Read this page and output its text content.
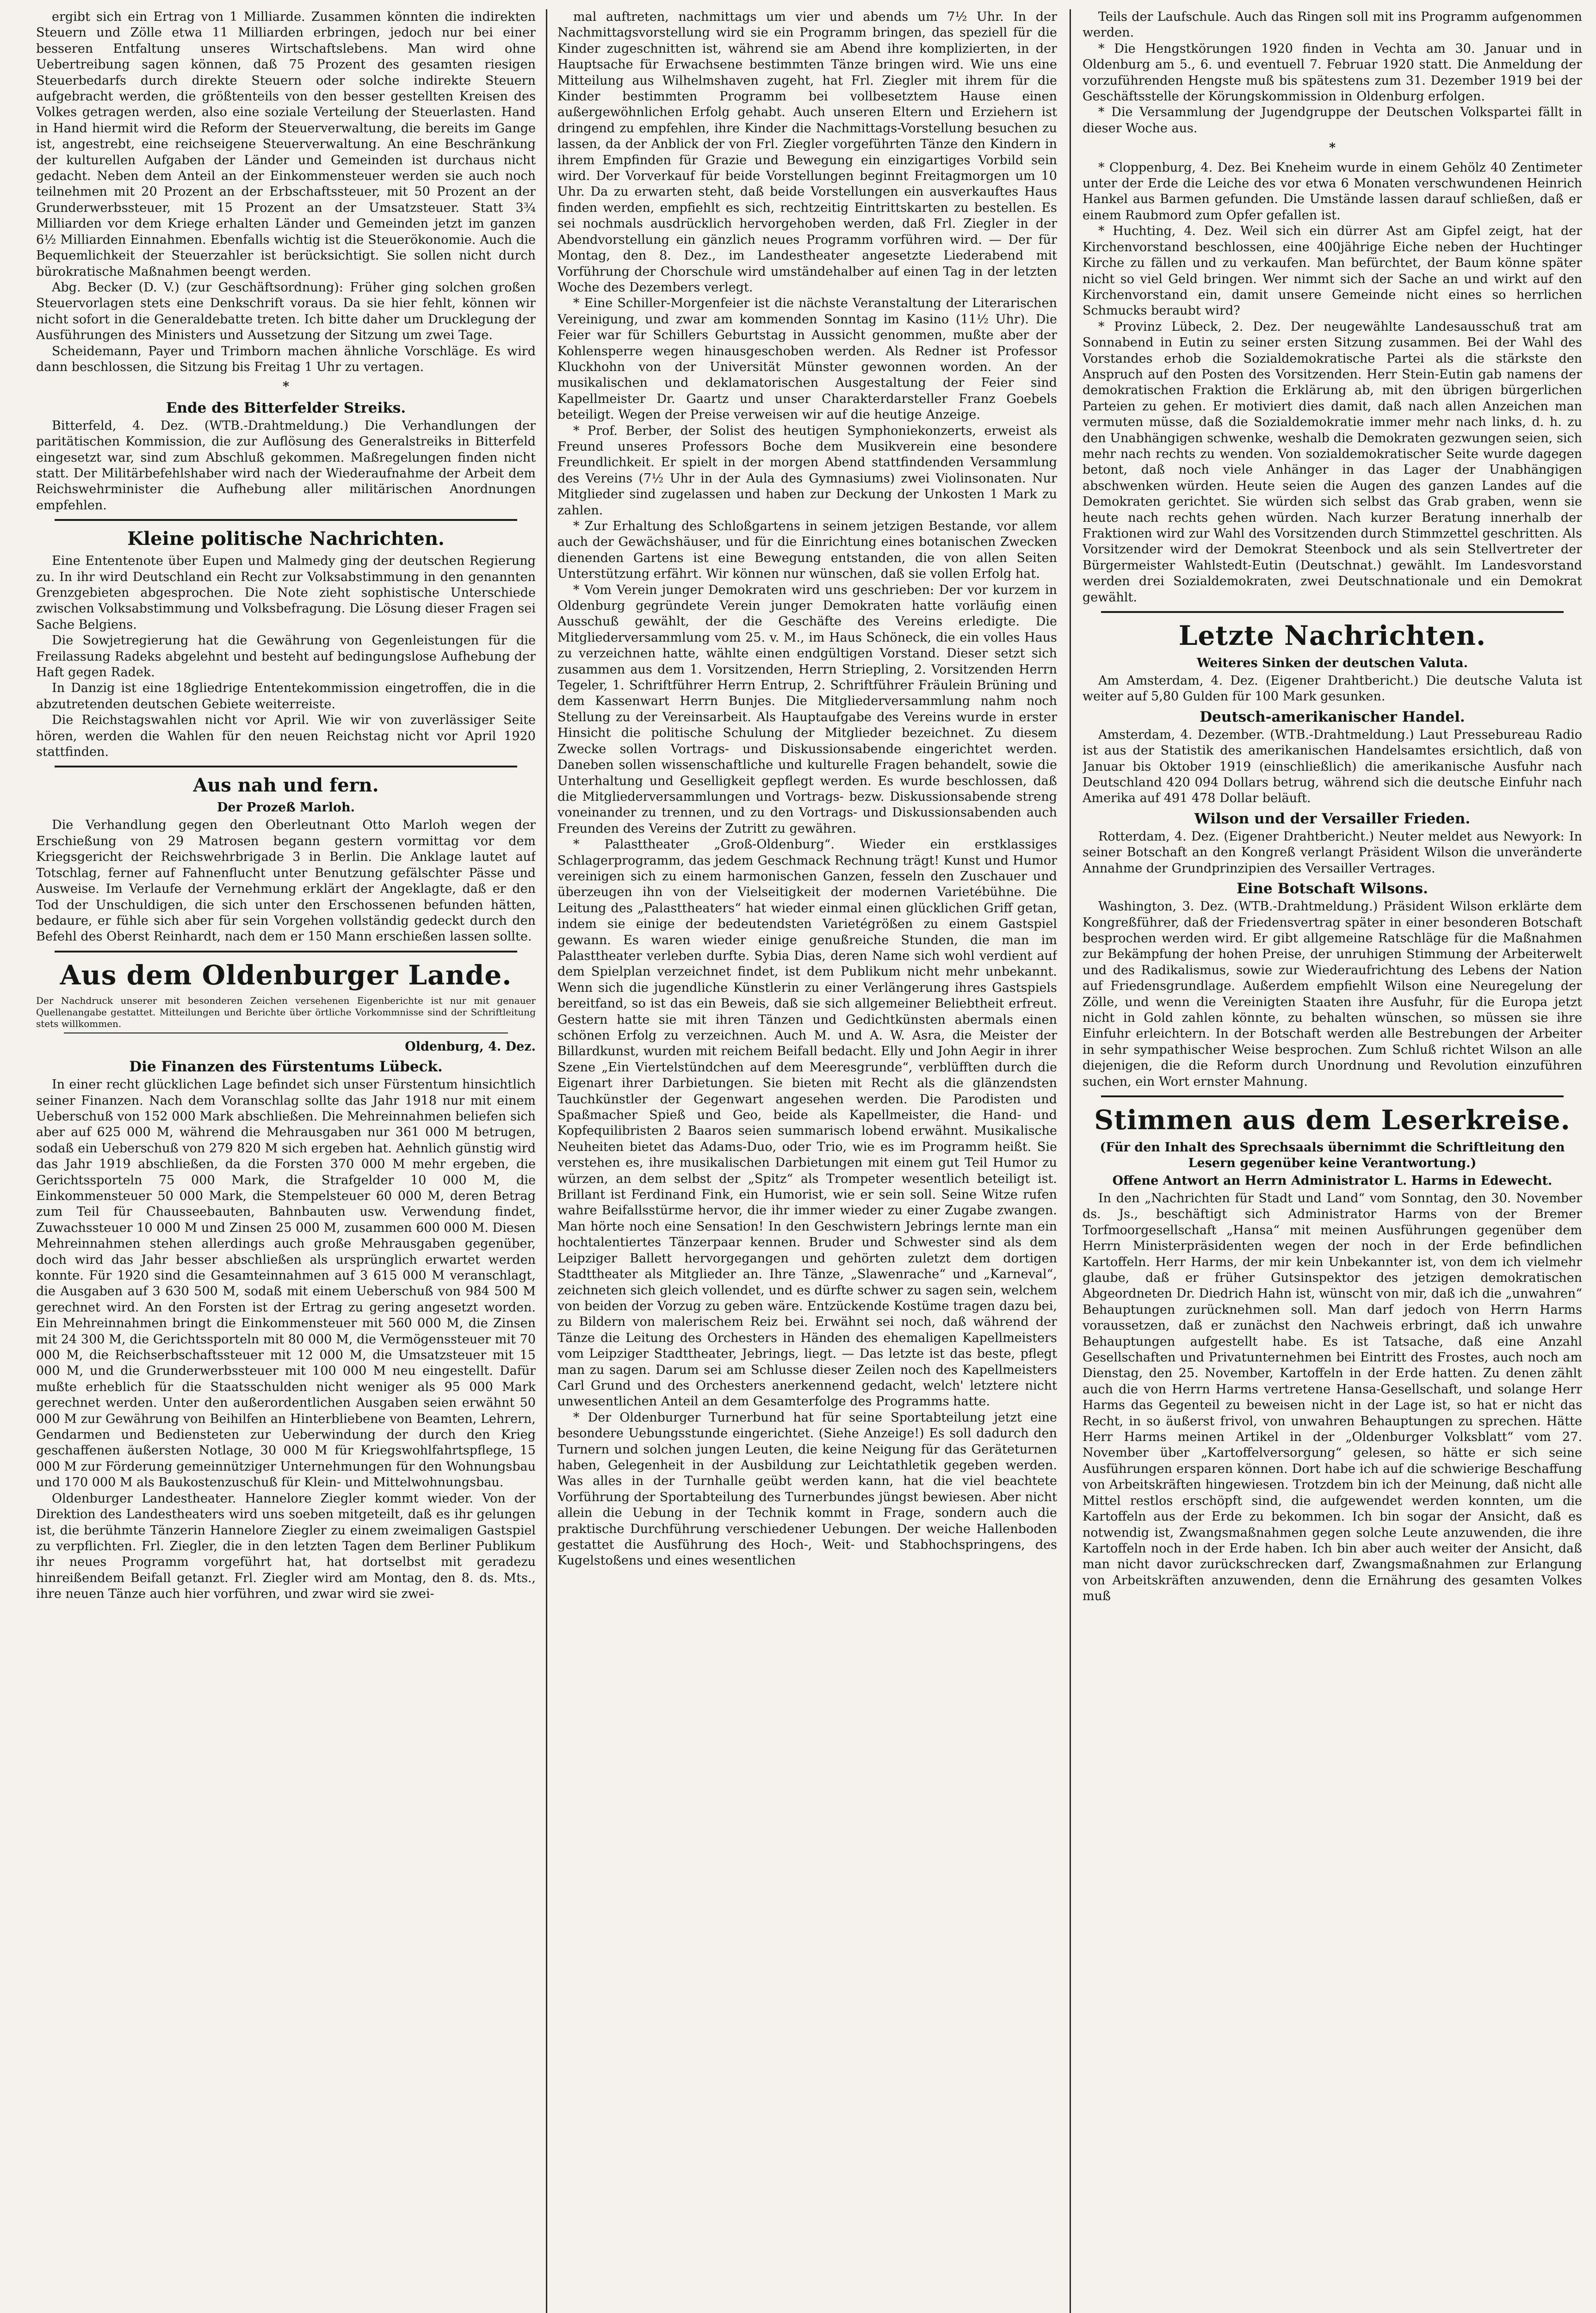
ergibt sich ein Ertrag von 1 Milliarde. Zusammen könnten die indirekten Steuern und Zölle etwa 11 Milliarden erbringen, jedoch nur bei einer besseren Entfaltung unseres Wirtschaftslebens. Man wird ohne Uebertreibung sagen können, daß 75 Prozent des gesamten riesigen Steuerbedarfs durch direkte Steuern oder solche indirekte Steuern aufgebracht werden, die größtenteils von den besser gestellten Kreisen des Volkes getragen werden, also eine soziale Verteilung der Steuerlasten. Hand in Hand hiermit wird die Reform der Steuerverwaltung, die bereits im Gange ist, angestrebt, eine reichseigene Steuerverwaltung. An eine Beschränkung der kulturellen Aufgaben der Länder und Gemeinden ist durchaus nicht gedacht. Neben dem Anteil an der Einkommensteuer werden sie auch noch teilnehmen mit 20 Prozent an der Erbschaftssteuer, mit 50 Prozent an der Grunderwerbssteuer, mit 15 Prozent an der Umsatzsteuer. Statt 3¾ Milliarden vor dem Kriege erhalten Länder und Gemeinden jetzt im ganzen 6½ Milliarden Einnahmen. Ebenfalls wichtig ist die Steuerökonomie. Auch die Bequemlichkeit der Steuerzahler ist berücksichtigt. Sie sollen nicht durch bürokratische Maßnahmen beengt werden.

Abg. Becker (D. V.) (zur Geschäftsordnung): Früher ging solchen großen Steuervorlagen stets eine Denkschrift voraus. Da sie hier fehlt, können wir nicht sofort in die Generaldebatte treten. Ich bitte daher um Drucklegung der Ausführungen des Ministers und Aussetzung der Sitzung um zwei Tage.

Scheidemann, Payer und Trimborn machen ähnliche Vorschläge. Es wird dann beschlossen, die Sitzung bis Freitag 1 Uhr zu vertagen.

*

Ende des Bitterfelder Streiks.

Bitterfeld, 4. Dez. (WTB.-Drahtmeldung.) Die Verhandlungen der paritätischen Kommission, die zur Auflösung des Generalstreiks in Bitterfeld eingesetzt war, sind zum Abschluß gekommen. Maßregelungen finden nicht statt. Der Militärbefehlshaber wird nach der Wiederaufnahme der Arbeit dem Reichswehrminister die Aufhebung aller militärischen Anordnungen empfehlen.

Kleine politische Nachrichten.

Eine Ententenote über Eupen und Malmedy ging der deutschen Regierung zu. In ihr wird Deutschland ein Recht zur Volksabstimmung in den genannten Grenzgebieten abgesprochen. Die Note zieht sophistische Unterschiede zwischen Volksabstimmung und Volksbefragung. Die Lösung dieser Fragen sei Sache Belgiens.

Die Sowjetregierung hat die Gewährung von Gegenleistungen für die Freilassung Radeks abgelehnt und besteht auf bedingungslose Aufhebung der Haft gegen Radek.

In Danzig ist eine 18gliedrige Ententekommission eingetroffen, die in die abzutretenden deutschen Gebiete weiterreiste.

Die Reichstagswahlen nicht vor April. Wie wir von zuverlässiger Seite hören, werden die Wahlen für den neuen Reichstag nicht vor April 1920 stattfinden.

Aus nah und fern.

Der Prozeß Marloh.

Die Verhandlung gegen den Oberleutnant Otto Marloh wegen der Erschießung von 29 Matrosen begann gestern vormittag vor dem Kriegsgericht der Reichswehrbrigade 3 in Berlin. Die Anklage lautet auf Totschlag, ferner auf Fahnenflucht unter Benutzung gefälschter Pässe und Ausweise. Im Verlaufe der Vernehmung erklärt der Angeklagte, daß er den Tod der Unschuldigen, die sich unter den Erschossenen befunden hätten, bedaure, er fühle sich aber für sein Vorgehen vollständig gedeckt durch den Befehl des Oberst Reinhardt, nach dem er 150 Mann erschießen lassen sollte.

Aus dem Oldenburger Lande.

Der Nachdruck unserer mit besonderen Zeichen versehenen Eigenberichte ist nur mit genauer Quellenangabe gestattet. Mitteilungen und Berichte über örtliche Vorkommnisse sind der Schriftleitung stets willkommen.

Oldenburg, 4. Dez.

Die Finanzen des Fürstentums Lübeck.

In einer recht glücklichen Lage befindet sich unser Fürstentum hinsichtlich seiner Finanzen. Nach dem Voranschlag sollte das Jahr 1918 nur mit einem Ueberschuß von 152 000 Mark abschließen. Die Mehreinnahmen beliefen sich aber auf 625 000 M, während die Mehrausgaben nur 361 000 M betrugen, sodaß ein Ueberschuß von 279 820 M sich ergeben hat. Aehnlich günstig wird das Jahr 1919 abschließen, da die Forsten 370 000 M mehr ergeben, die Gerichtssporteln 75 000 Mark, die Strafgelder 10 000 M, die Einkommensteuer 50 000 Mark, die Stempelsteuer 60 000 M, deren Betrag zum Teil für Chausseebauten, Bahnbauten usw. Verwendung findet, Zuwachssteuer 10 000 M und Zinsen 25 000 M, zusammen 600 000 M. Diesen Mehreinnahmen stehen allerdings auch große Mehrausgaben gegenüber, doch wird das Jahr besser abschließen als ursprünglich erwartet werden konnte. Für 1920 sind die Gesamteinnahmen auf 3 615 000 M veranschlagt, die Ausgaben auf 3 630 500 M, sodaß mit einem Ueberschuß von 984 500 M gerechnet wird. An den Forsten ist der Ertrag zu gering angesetzt worden. Ein Mehreinnahmen bringt die Einkommensteuer mit 560 000 M, die Zinsen mit 24 300 M, die Gerichtssporteln mit 80 000 M, die Vermögenssteuer mit 70 000 M, die Reichserbschaftssteuer mit 12 000 M, die Umsatzsteuer mit 15 000 M, und die Grunderwerbssteuer mit 100 000 M neu eingestellt. Dafür mußte erheblich für die Staatsschulden nicht weniger als 95 000 Mark gerechnet werden. Unter den außerordentlichen Ausgaben seien erwähnt 50 000 M zur Gewährung von Beihilfen an Hinterbliebene von Beamten, Lehrern, Gendarmen und Bediensteten zur Ueberwindung der durch den Krieg geschaffenen äußersten Notlage, 30 000 M für Kriegswohlfahrtspflege, 15 000 M zur Förderung gemeinnütziger Unternehmungen für den Wohnungsbau und 170 000 M als Baukostenzuschuß für Klein- und Mittelwohnungsbau.

Oldenburger Landestheater. Hannelore Ziegler kommt wieder. Von der Direktion des Landestheaters wird uns soeben mitgeteilt, daß es ihr gelungen ist, die berühmte Tänzerin Hannelore Ziegler zu einem zweimaligen Gastspiel zu verpflichten. Frl. Ziegler, die in den letzten Tagen dem Berliner Publikum ihr neues Programm vorgeführt hat, hat dortselbst mit geradezu hinreißendem Beifall getanzt. Frl. Ziegler wird am Montag, den 8. ds. Mts., ihre neuen Tänze auch hier vorführen, und zwar wird sie zwei-

mal auftreten, nachmittags um vier und abends um 7½ Uhr. In der Nachmittagsvorstellung wird sie ein Programm bringen, das speziell für die Kinder zugeschnitten ist, während sie am Abend ihre komplizierten, in der Hauptsache für Erwachsene bestimmten Tänze bringen wird. Wie uns eine Mitteilung aus Wilhelmshaven zugeht, hat Frl. Ziegler mit ihrem für die Kinder bestimmten Programm bei vollbesetztem Hause einen außergewöhnlichen Erfolg gehabt. Auch unseren Eltern und Erziehern ist dringend zu empfehlen, ihre Kinder die Nachmittags-Vorstellung besuchen zu lassen, da der Anblick der von Frl. Ziegler vorgeführten Tänze den Kindern in ihrem Empfinden für Grazie und Bewegung ein einzigartiges Vorbild sein wird. Der Vorverkauf für beide Vorstellungen beginnt Freitagmorgen um 10 Uhr. Da zu erwarten steht, daß beide Vorstellungen ein ausverkauftes Haus finden werden, empfiehlt es sich, rechtzeitig Eintrittskarten zu bestellen. Es sei nochmals ausdrücklich hervorgehoben werden, daß Frl. Ziegler in der Abendvorstellung ein gänzlich neues Programm vorführen wird. — Der für Montag, den 8. Dez., im Landestheater angesetzte Liederabend mit Vorführung der Chorschule wird umständehalber auf einen Tag in der letzten Woche des Dezembers verlegt.

* Eine Schiller-Morgenfeier ist die nächste Veranstaltung der Literarischen Vereinigung, und zwar am kommenden Sonntag im Kasino (11½ Uhr). Die Feier war für Schillers Geburtstag in Aussicht genommen, mußte aber der Kohlensperre wegen hinausgeschoben werden. Als Redner ist Professor Kluckhohn von der Universität Münster gewonnen worden. An der musikalischen und deklamatorischen Ausgestaltung der Feier sind Kapellmeister Dr. Gaartz und unser Charakterdarsteller Franz Goebels beteiligt. Wegen der Preise verweisen wir auf die heutige Anzeige.

* Prof. Berber, der Solist des heutigen Symphoniekonzerts, erweist als Freund unseres Professors Boche dem Musikverein eine besondere Freundlichkeit. Er spielt in der morgen Abend stattfindenden Versammlung des Vereins (7½ Uhr in der Aula des Gymnasiums) zwei Violinsonaten. Nur Mitglieder sind zugelassen und haben zur Deckung der Unkosten 1 Mark zu zahlen.

* Zur Erhaltung des Schloßgartens in seinem jetzigen Bestande, vor allem auch der Gewächshäuser, und für die Einrichtung eines botanischen Zwecken dienenden Gartens ist eine Bewegung entstanden, die von allen Seiten Unterstützung erfährt. Wir können nur wünschen, daß sie vollen Erfolg hat.

* Vom Verein junger Demokraten wird uns geschrieben: Der vor kurzem in Oldenburg gegründete Verein junger Demokraten hatte vorläufig einen Ausschuß gewählt, der die Geschäfte des Vereins erledigte. Die Mitgliederversammlung vom 25. v. M., im Haus Schöneck, die ein volles Haus zu verzeichnen hatte, wählte einen endgültigen Vorstand. Dieser setzt sich zusammen aus dem 1. Vorsitzenden, Herrn Striepling, 2. Vorsitzenden Herrn Tegeler, 1. Schriftführer Herrn Entrup, 2. Schriftführer Fräulein Brüning und dem Kassenwart Herrn Bunjes. Die Mitgliederversammlung nahm noch Stellung zu der Vereinsarbeit. Als Hauptaufgabe des Vereins wurde in erster Hinsicht die politische Schulung der Mitglieder bezeichnet. Zu diesem Zwecke sollen Vortrags- und Diskussionsabende eingerichtet werden. Daneben sollen wissenschaftliche und kulturelle Fragen behandelt, sowie die Unterhaltung und Geselligkeit gepflegt werden. Es wurde beschlossen, daß die Mitgliederversammlungen und Vortrags- bezw. Diskussionsabende streng voneinander zu trennen, und zu den Vortrags- und Diskussionsabenden auch Freunden des Vereins der Zutritt zu gewähren.

* Palasttheater „Groß-Oldenburg“. Wieder ein erstklassiges Schlagerprogramm, das jedem Geschmack Rechnung trägt! Kunst und Humor vereinigen sich zu einem harmonischen Ganzen, fesseln den Zuschauer und überzeugen ihn von der Vielseitigkeit der modernen Varietébühne. Die Leitung des „Palasttheaters“ hat wieder einmal einen glücklichen Griff getan, indem sie einige der bedeutendsten Varietégrößen zu einem Gastspiel gewann. Es waren wieder einige genußreiche Stunden, die man im Palasttheater verleben durfte. Sybia Dias, deren Name sich wohl verdient auf dem Spielplan verzeichnet findet, ist dem Publikum nicht mehr unbekannt. Wenn sich die jugendliche Künstlerin zu einer Verlängerung ihres Gastspiels bereitfand, so ist das ein Beweis, daß sie sich allgemeiner Beliebtheit erfreut. Gestern hatte sie mit ihren Tänzen und Gedichtkünsten abermals einen schönen Erfolg zu verzeichnen. Auch M. und A. W. Asra, die Meister der Billardkunst, wurden mit reichem Beifall bedacht. Elly und John Aegir in ihrer Szene „Ein Viertelstündchen auf dem Meeresgrunde“, verblüfften durch die Eigenart ihrer Darbietungen. Sie bieten mit Recht als die glänzendsten Tauchkünstler der Gegenwart angesehen werden. Die Parodisten und Spaßmacher Spieß und Geo, beide als Kapellmeister, die Hand- und Kopfequilibristen 2 Baaros seien summarisch lobend erwähnt. Musikalische Neuheiten bietet das Adams-Duo, oder Trio, wie es im Programm heißt. Sie verstehen es, ihre musikalischen Darbietungen mit einem gut Teil Humor zu würzen, an dem selbst der „Spitz“ als Trompeter wesentlich beteiligt ist. Brillant ist Ferdinand Fink, ein Humorist, wie er sein soll. Seine Witze rufen wahre Beifallsstürme hervor, die ihr immer wieder zu einer Zugabe zwangen. Man hörte noch eine Sensation! In den Geschwistern Jebrings lernte man ein hochtalentiertes Tänzerpaar kennen. Bruder und Schwester sind als dem Leipziger Ballett hervorgegangen und gehörten zuletzt dem dortigen Stadttheater als Mitglieder an. Ihre Tänze, „Slawenrache“ und „Karneval“, zeichneten sich gleich vollendet, und es dürfte schwer zu sagen sein, welchem von beiden der Vorzug zu geben wäre. Entzückende Kostüme tragen dazu bei, zu Bildern von malerischem Reiz bei. Erwähnt sei noch, daß während der Tänze die Leitung des Orchesters in Händen des ehemaligen Kapellmeisters vom Leipziger Stadttheater, Jebrings, liegt. — Das letzte ist das beste, pflegt man zu sagen. Darum sei am Schlusse dieser Zeilen noch des Kapellmeisters Carl Grund und des Orchesters anerkennend gedacht, welch' letztere nicht unwesentlichen Anteil an dem Gesamterfolge des Programms hatte.

* Der Oldenburger Turnerbund hat für seine Sportabteilung jetzt eine besondere Uebungsstunde eingerichtet. (Siehe Anzeige!) Es soll dadurch den Turnern und solchen jungen Leuten, die keine Neigung für das Geräteturnen haben, Gelegenheit in der Ausbildung zur Leichtathletik gegeben werden. Was alles in der Turnhalle geübt werden kann, hat die viel beachtete Vorführung der Sportabteilung des Turnerbundes jüngst bewiesen. Aber nicht allein die Uebung in der Technik kommt in Frage, sondern auch die praktische Durchführung verschiedener Uebungen. Der weiche Hallenboden gestattet die Ausführung des Hoch-, Weit- und Stabhochspringens, des Kugelstoßens und eines wesentlichen

Teils der Laufschule. Auch das Ringen soll mit ins Programm aufgenommen werden.

* Die Hengstkörungen 1920 finden in Vechta am 30. Januar und in Oldenburg am 5., 6. und eventuell 7. Februar 1920 statt. Die Anmeldung der vorzuführenden Hengste muß bis spätestens zum 31. Dezember 1919 bei der Geschäftsstelle der Körungskommission in Oldenburg erfolgen.

* Die Versammlung der Jugendgruppe der Deutschen Volkspartei fällt in dieser Woche aus.

*

* Cloppenburg, 4. Dez. Bei Kneheim wurde in einem Gehölz 40 Zentimeter unter der Erde die Leiche des vor etwa 6 Monaten verschwundenen Heinrich Hankel aus Barmen gefunden. Die Umstände lassen darauf schließen, daß er einem Raubmord zum Opfer gefallen ist.

* Huchting, 4. Dez. Weil sich ein dürrer Ast am Gipfel zeigt, hat der Kirchenvorstand beschlossen, eine 400jährige Eiche neben der Huchtinger Kirche zu fällen und zu verkaufen. Man befürchtet, der Baum könne später nicht so viel Geld bringen. Wer nimmt sich der Sache an und wirkt auf den Kirchenvorstand ein, damit unsere Gemeinde nicht eines so herrlichen Schmucks beraubt wird?

* Provinz Lübeck, 2. Dez. Der neugewählte Landesausschuß trat am Sonnabend in Eutin zu seiner ersten Sitzung zusammen. Bei der Wahl des Vorstandes erhob die Sozialdemokratische Partei als die stärkste den Anspruch auf den Posten des Vorsitzenden. Herr Stein-Eutin gab namens der demokratischen Fraktion die Erklärung ab, mit den übrigen bürgerlichen Parteien zu gehen. Er motiviert dies damit, daß nach allen Anzeichen man vermuten müsse, daß die Sozialdemokratie immer mehr nach links, d. h. zu den Unabhängigen schwenke, weshalb die Demokraten gezwungen seien, sich mehr nach rechts zu wenden. Von sozialdemokratischer Seite wurde dagegen betont, daß noch viele Anhänger in das Lager der Unabhängigen abschwenken würden. Heute seien die Augen des ganzen Landes auf die Demokraten gerichtet. Sie würden sich selbst das Grab graben, wenn sie heute nach rechts gehen würden. Nach kurzer Beratung innerhalb der Fraktionen wird zur Wahl des Vorsitzenden durch Stimmzettel geschritten. Als Vorsitzender wird der Demokrat Steenbock und als sein Stellvertreter der Bürgermeister Wahlstedt-Eutin (Deutschnat.) gewählt. Im Landesvorstand werden drei Sozialdemokraten, zwei Deutschnationale und ein Demokrat gewählt.

Letzte Nachrichten.

Weiteres Sinken der deutschen Valuta.

Am Amsterdam, 4. Dez. (Eigener Drahtbericht.) Die deutsche Valuta ist weiter auf 5,80 Gulden für 100 Mark gesunken.

Deutsch-amerikanischer Handel.

Amsterdam, 4. Dezember. (WTB.-Drahtmeldung.) Laut Pressebureau Radio ist aus der Statistik des amerikanischen Handelsamtes ersichtlich, daß von Januar bis Oktober 1919 (einschließlich) die amerikanische Ausfuhr nach Deutschland 420 094 Dollars betrug, während sich die deutsche Einfuhr nach Amerika auf 491 478 Dollar beläuft.

Wilson und der Versailler Frieden.

Rotterdam, 4. Dez. (Eigener Drahtbericht.) Neuter meldet aus Newyork: In seiner Botschaft an den Kongreß verlangt Präsident Wilson die unveränderte Annahme der Grundprinzipien des Versailler Vertrages.

Eine Botschaft Wilsons.

Washington, 3. Dez. (WTB.-Drahtmeldung.) Präsident Wilson erklärte dem Kongreßführer, daß der Friedensvertrag später in einer besonderen Botschaft besprochen werden wird. Er gibt allgemeine Ratschläge für die Maßnahmen zur Bekämpfung der hohen Preise, der unruhigen Stimmung der Arbeiterwelt und des Radikalismus, sowie zur Wiederaufrichtung des Lebens der Nation auf Friedensgrundlage. Außerdem empfiehlt Wilson eine Neuregelung der Zölle, und wenn die Vereinigten Staaten ihre Ausfuhr, für die Europa jetzt nicht in Gold zahlen könnte, zu behalten wünschen, so müssen sie ihre Einfuhr erleichtern. In der Botschaft werden alle Bestrebungen der Arbeiter in sehr sympathischer Weise besprochen. Zum Schluß richtet Wilson an alle diejenigen, die die Reform durch Unordnung und Revolution einzuführen suchen, ein Wort ernster Mahnung.

Stimmen aus dem Leserkreise.

(Für den Inhalt des Sprechsaals übernimmt die Schriftleitung den Lesern gegenüber keine Verantwortung.)

Offene Antwort an Herrn Administrator L. Harms in Edewecht.

In den „Nachrichten für Stadt und Land“ vom Sonntag, den 30. November ds. Js., beschäftigt sich Administrator Harms von der Bremer Torfmoorgesellschaft „Hansa“ mit meinen Ausführungen gegenüber dem Herrn Ministerpräsidenten wegen der noch in der Erde befindlichen Kartoffeln. Herr Harms, der mir kein Unbekannter ist, von dem ich vielmehr glaube, daß er früher Gutsinspektor des jetzigen demokratischen Abgeordneten Dr. Diedrich Hahn ist, wünscht von mir, daß ich die „unwahren“ Behauptungen zurücknehmen soll. Man darf jedoch von Herrn Harms voraussetzen, daß er zunächst den Nachweis erbringt, daß ich unwahre Behauptungen aufgestellt habe. Es ist Tatsache, daß eine Anzahl Gesellschaften und Privatunternehmen bei Eintritt des Frostes, auch noch am Dienstag, den 25. November, Kartoffeln in der Erde hatten. Zu denen zählt auch die von Herrn Harms vertretene Hansa-Gesellschaft, und solange Herr Harms das Gegenteil zu beweisen nicht in der Lage ist, so hat er nicht das Recht, in so äußerst frivol, von unwahren Behauptungen zu sprechen. Hätte Herr Harms meinen Artikel in der „Oldenburger Volksblatt“ vom 27. November über „Kartoffelversorgung“ gelesen, so hätte er sich seine Ausführungen ersparen können. Dort habe ich auf die schwierige Beschaffung von Arbeitskräften hingewiesen. Trotzdem bin ich der Meinung, daß nicht alle Mittel restlos erschöpft sind, die aufgewendet werden konnten, um die Kartoffeln aus der Erde zu bekommen. Ich bin sogar der Ansicht, daß es notwendig ist, Zwangsmaßnahmen gegen solche Leute anzuwenden, die ihre Kartoffeln noch in der Erde haben. Ich bin aber auch weiter der Ansicht, daß man nicht davor zurückschrecken darf, Zwangsmaßnahmen zur Erlangung von Arbeitskräften anzuwenden, denn die Ernährung des gesamten Volkes muß
